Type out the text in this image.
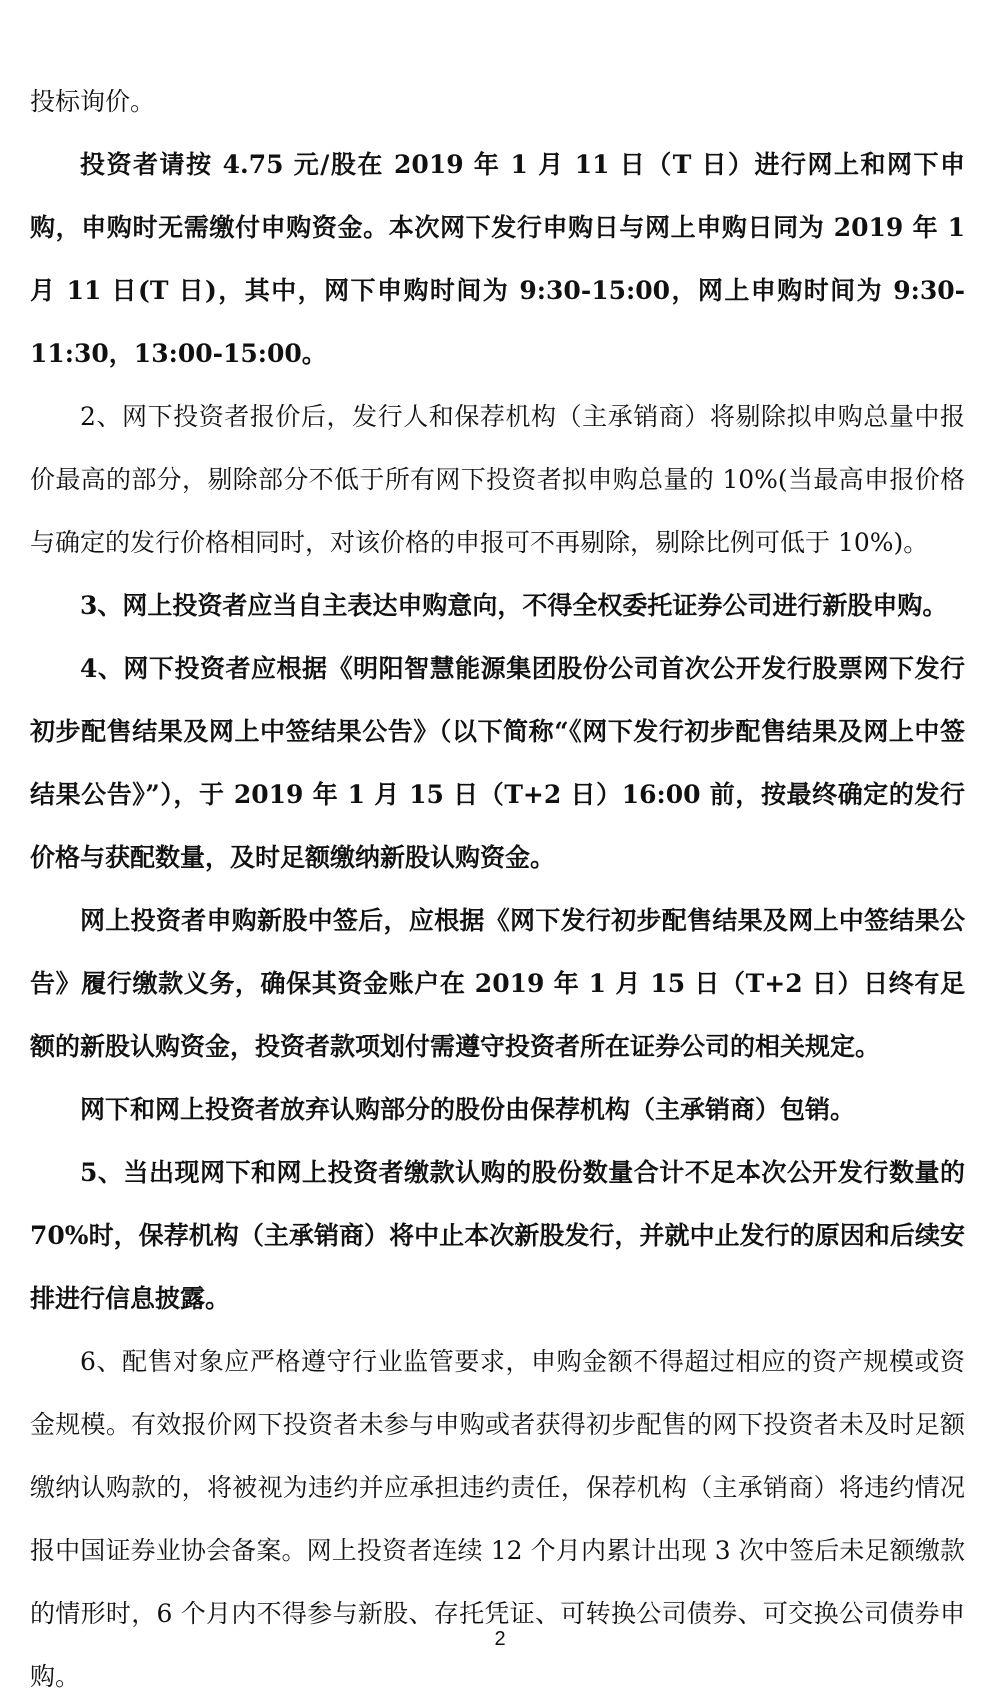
投标询价。

投资者请按 4.75 元/股在 2019 年 1 月 11 日（T 日）进行网上和网下申购，申购时无需缴付申购资金。本次网下发行申购日与网上申购日同为 2019 年 1 月 11 日(T 日)，其中，网下申购时间为 9:30-15:00，网上申购时间为 9:30-11:30，13:00-15:00。

2、网下投资者报价后，发行人和保荐机构（主承销商）将剔除拟申购总量中报价最高的部分，剔除部分不低于所有网下投资者拟申购总量的 10%(当最高申报价格与确定的发行价格相同时，对该价格的申报可不再剔除，剔除比例可低于 10%)。

3、网上投资者应当自主表达申购意向，不得全权委托证券公司进行新股申购。

4、网下投资者应根据《明阳智慧能源集团股份公司首次公开发行股票网下发行初步配售结果及网上中签结果公告》（以下简称“《网下发行初步配售结果及网上中签结果公告》”），于 2019 年 1 月 15 日（T+2 日）16:00 前，按最终确定的发行价格与获配数量，及时足额缴纳新股认购资金。

网上投资者申购新股中签后，应根据《网下发行初步配售结果及网上中签结果公告》履行缴款义务，确保其资金账户在 2019 年 1 月 15 日（T+2 日）日终有足额的新股认购资金，投资者款项划付需遵守投资者所在证券公司的相关规定。

网下和网上投资者放弃认购部分的股份由保荐机构（主承销商）包销。

5、当出现网下和网上投资者缴款认购的股份数量合计不足本次公开发行数量的 70%时，保荐机构（主承销商）将中止本次新股发行，并就中止发行的原因和后续安排进行信息披露。

6、配售对象应严格遵守行业监管要求，申购金额不得超过相应的资产规模或资金规模。有效报价网下投资者未参与申购或者获得初步配售的网下投资者未及时足额缴纳认购款的，将被视为违约并应承担违约责任，保荐机构（主承销商）将违约情况报中国证券业协会备案。网上投资者连续 12 个月内累计出现 3 次中签后未足额缴款的情形时，6 个月内不得参与新股、存托凭证、可转换公司债券、可交换公司债券申购。

2
